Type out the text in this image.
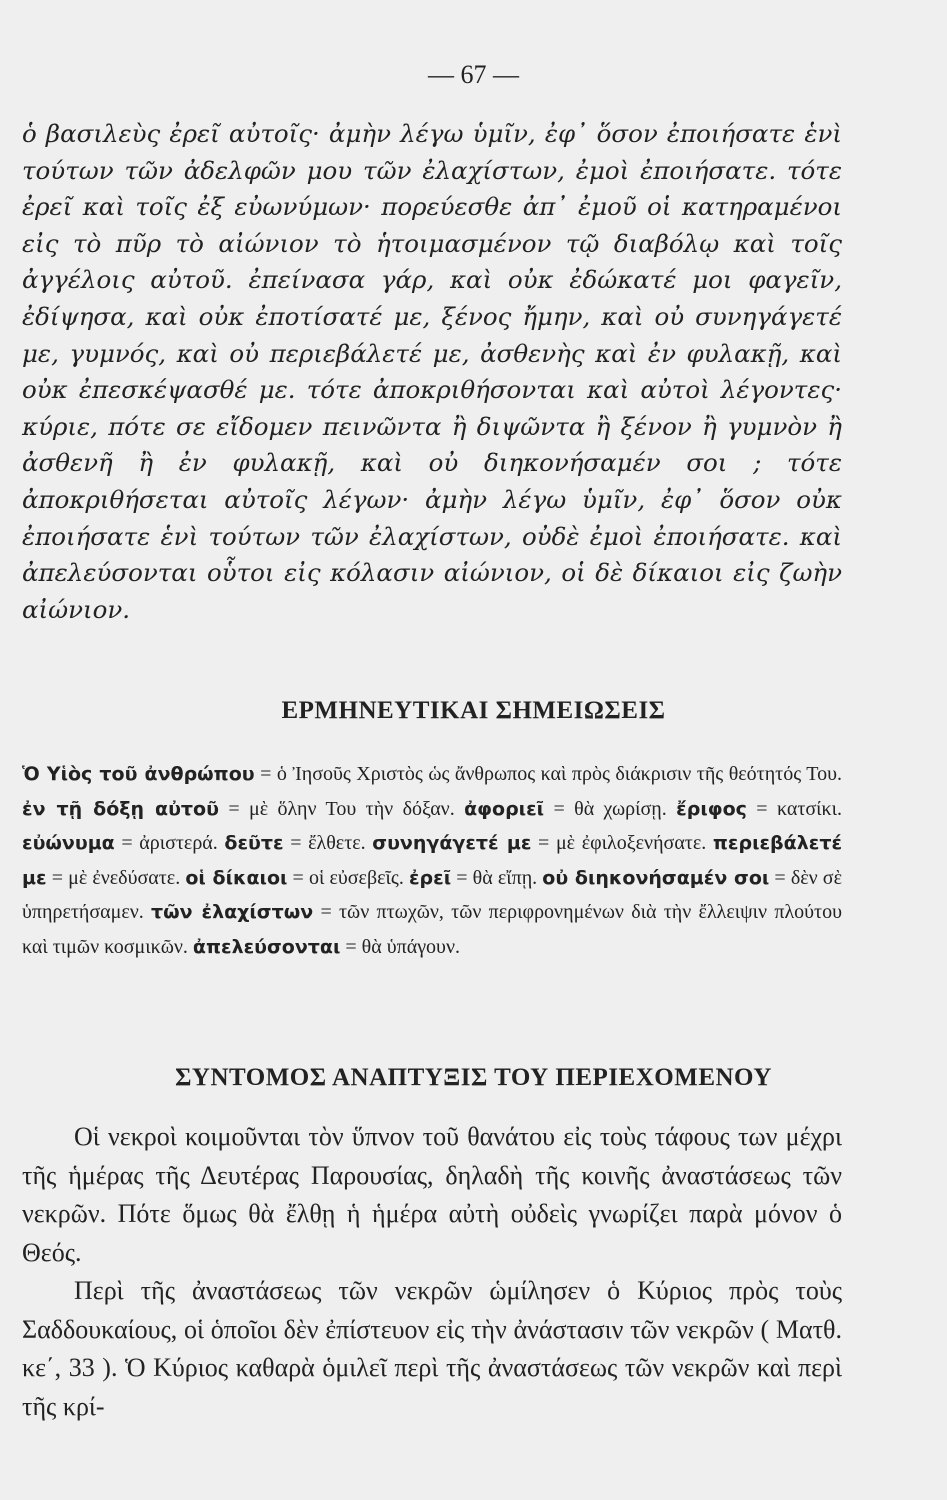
— 67 —

ὁ βασιλεὺς ἐρεῖ αὐτοῖς· ἀμὴν λέγω ὑμῖν, ἐφ᾽ ὅσον ἐποιήσατε ἑνὶ τούτων τῶν ἀδελφῶν μου τῶν ἐλαχίστων, ἐμοὶ ἐποιήσατε. τότε ἐρεῖ καὶ τοῖς ἐξ εὐωνύμων· πορεύεσθε ἀπ᾽ ἐμοῦ οἱ κατηραμένοι εἰς τὸ πῦρ τὸ αἰώνιον τὸ ἡτοιμασμένον τῷ διαβόλῳ καὶ τοῖς ἀγγέλοις αὐτοῦ. ἐπείνασα γάρ, καὶ οὐκ ἐδώκατέ μοι φαγεῖν, ἐδίψησα, καὶ οὐκ ἐποτίσατέ με, ξένος ἤμην, καὶ οὐ συνηγάγετέ με, γυμνός, καὶ οὐ περιεβάλετέ με, ἀσθενὴς καὶ ἐν φυλακῇ, καὶ οὐκ ἐπεσκέψασθέ με. τότε ἀποκριθήσονται καὶ αὐτοὶ λέγοντες· κύριε, πότε σε εἴδομεν πεινῶντα ἢ διψῶντα ἢ ξένον ἢ γυμνὸν ἢ ἀσθενῆ ἢ ἐν φυλακῇ, καὶ οὐ διηκονήσαμέν σοι ; τότε ἀποκριθήσεται αὐτοῖς λέγων· ἀμὴν λέγω ὑμῖν, ἐφ᾽ ὅσον οὐκ ἐποιήσατε ἑνὶ τούτων τῶν ἐλαχίστων, οὐδὲ ἐμοὶ ἐποιήσατε. καὶ ἀπελεύσονται οὗτοι εἰς κόλασιν αἰώνιον, οἱ δὲ δίκαιοι εἰς ζωὴν αἰώνιον.

ΕΡΜΗΝΕΥΤΙΚΑΙ ΣΗΜΕΙΩΣΕΙΣ

Ὁ Υἱὸς τοῦ ἀνθρώπου = ὁ Ἰησοῦς Χριστὸς ὡς ἄνθρωπος καὶ πρὸς διάκρισιν τῆς θεότητός Του. ἐν τῇ δόξῃ αὐτοῦ = μὲ ὅλην Του τὴν δόξαν. ἀφοριεῖ = θὰ χωρίσῃ. ἔριφος = κατσίκι. εὐώνυμα = ἀριστερά. δεῦτε = ἔλθετε. συνηγάγετέ με = μὲ ἐφιλοξενήσατε. περιεβάλετέ με = μὲ ἐνεδύσατε. οἱ δίκαιοι = οἱ εὐσεβεῖς. ἐρεῖ = θὰ εἴπῃ. οὐ διηκονήσαμέν σοι = δὲν σὲ ὑπηρετήσαμεν. τῶν ἐλαχίστων = τῶν πτωχῶν, τῶν περιφρονημένων διὰ τὴν ἔλλειψιν πλούτου καὶ τιμῶν κοσμικῶν. ἀπελεύσονται = θὰ ὑπάγουν.

ΣΥΝΤΟΜΟΣ ΑΝΑΠΤΥΞΙΣ ΤΟΥ ΠΕΡΙΕΧΟΜΕΝΟΥ

Οἱ νεκροὶ κοιμοῦνται τὸν ὕπνον τοῦ θανάτου εἰς τοὺς τάφους των μέχρι τῆς ἡμέρας τῆς Δευτέρας Παρουσίας, δηλαδὴ τῆς κοινῆς ἀναστάσεως τῶν νεκρῶν. Πότε ὅμως θὰ ἔλθῃ ἡ ἡμέρα αὐτὴ οὐδεὶς γνωρίζει παρὰ μόνον ὁ Θεός.

Περὶ τῆς ἀναστάσεως τῶν νεκρῶν ὡμίλησεν ὁ Κύριος πρὸς τοὺς Σαδδουκαίους, οἱ ὁποῖοι δὲν ἐπίστευον εἰς τὴν ἀνάστασιν τῶν νεκρῶν ( Ματθ. κε΄, 33 ). Ὁ Κύριος καθαρὰ ὁμιλεῖ περὶ τῆς ἀναστάσεως τῶν νεκρῶν καὶ περὶ τῆς κρί-
